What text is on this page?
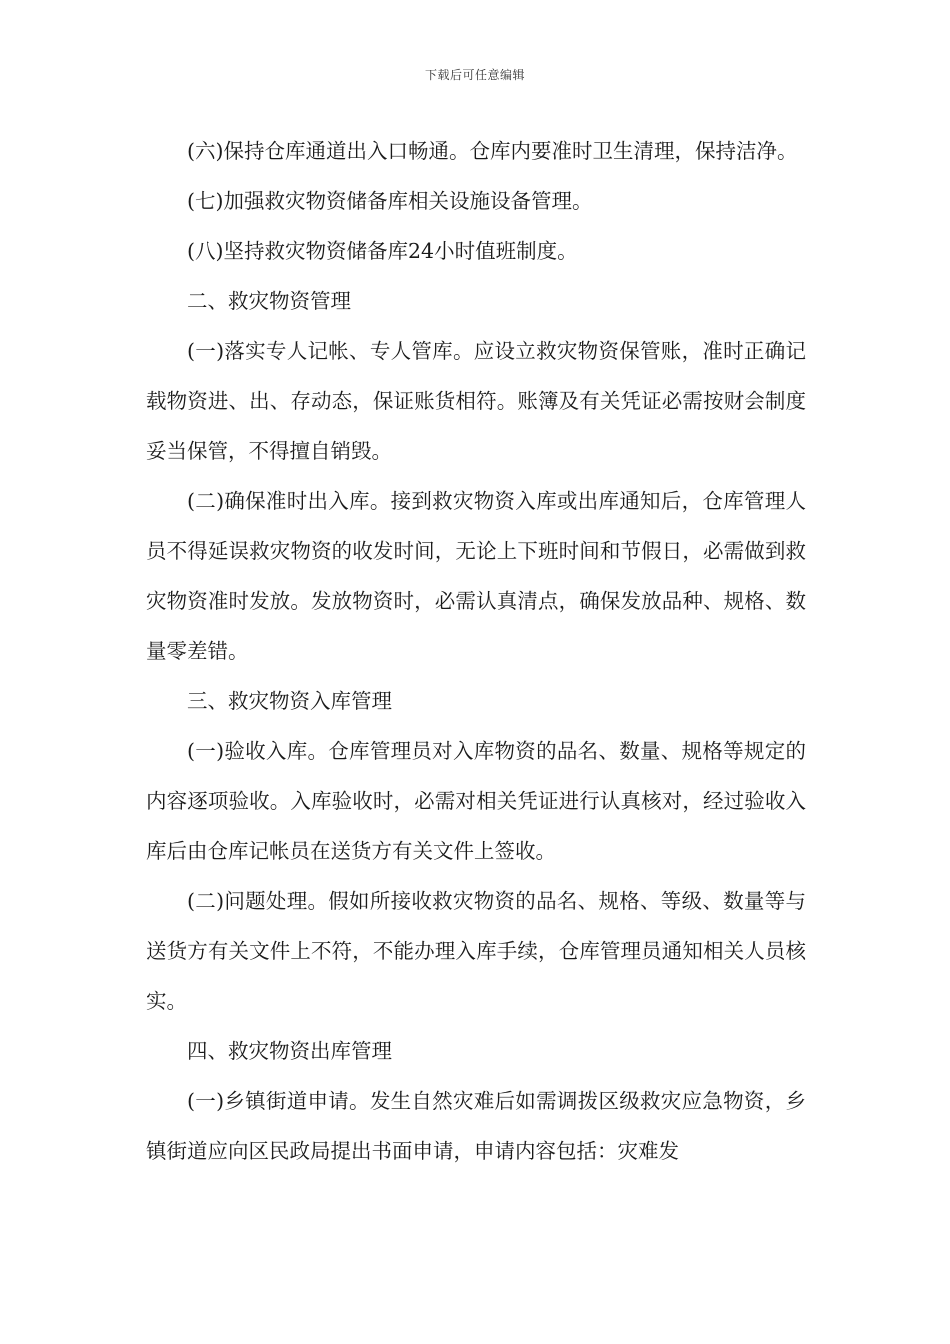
下载后可任意编辑

(六)保持仓库通道出入口畅通。仓库内要准时卫生清理，保持洁净。

(七)加强救灾物资储备库相关设施设备管理。

(八)坚持救灾物资储备库24小时值班制度。

二、救灾物资管理

(一)落实专人记帐、专人管库。应设立救灾物资保管账，准时正确记载物资进、出、存动态，保证账货相符。账簿及有关凭证必需按财会制度妥当保管，不得擅自销毁。

(二)确保准时出入库。接到救灾物资入库或出库通知后，仓库管理人员不得延误救灾物资的收发时间，无论上下班时间和节假日，必需做到救灾物资准时发放。发放物资时，必需认真清点，确保发放品种、规格、数量零差错。

三、救灾物资入库管理

(一)验收入库。仓库管理员对入库物资的品名、数量、规格等规定的内容逐项验收。入库验收时，必需对相关凭证进行认真核对，经过验收入库后由仓库记帐员在送货方有关文件上签收。

(二)问题处理。假如所接收救灾物资的品名、规格、等级、数量等与送货方有关文件上不符，不能办理入库手续，仓库管理员通知相关人员核实。

四、救灾物资出库管理

(一)乡镇街道申请。发生自然灾难后如需调拨区级救灾应急物资，乡镇街道应向区民政局提出书面申请，申请内容包括：灾难发
